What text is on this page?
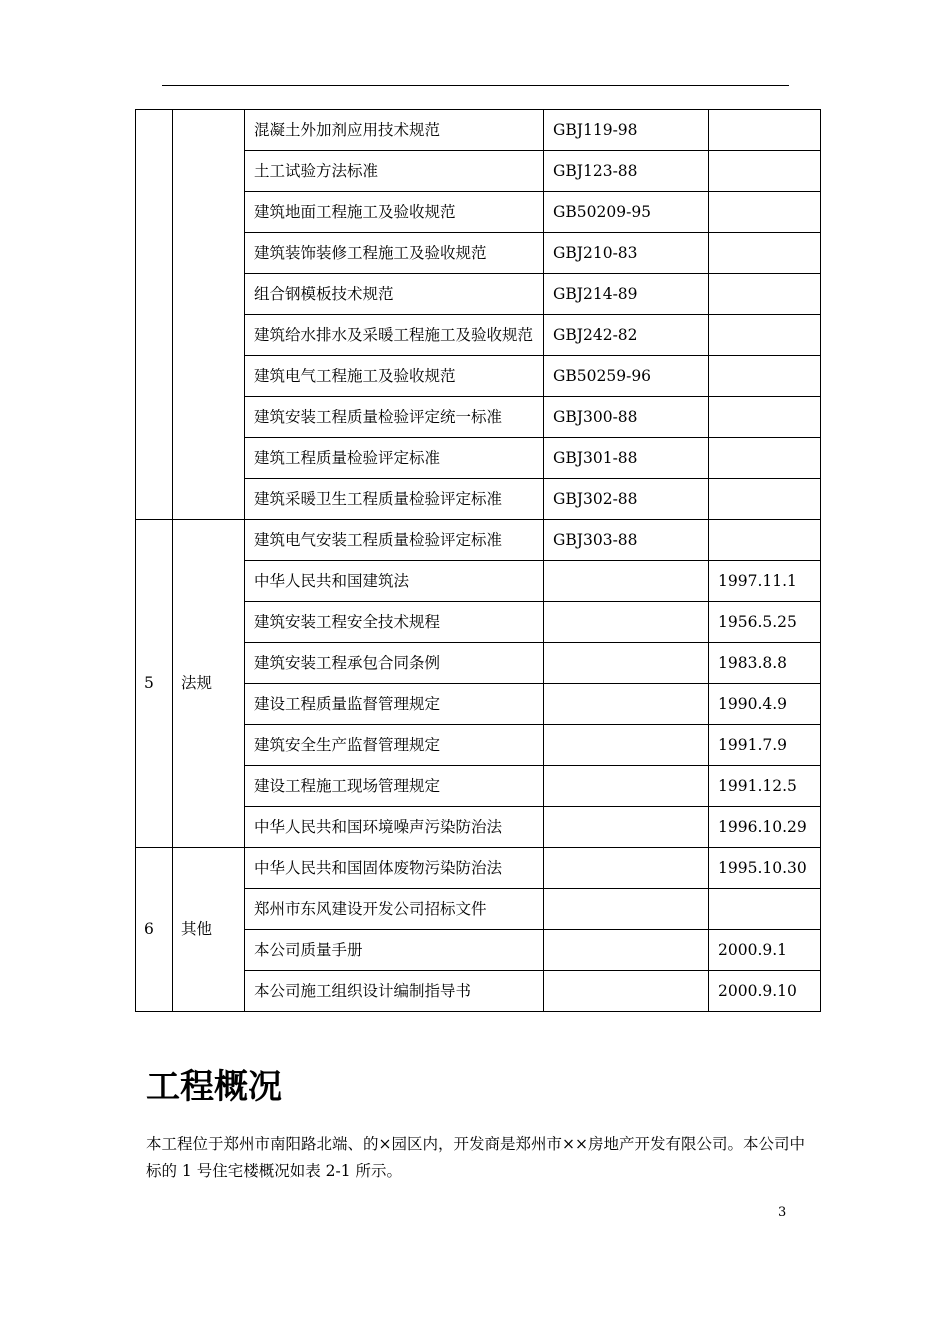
		混凝土外加剂应用技术规范	GBJ119-98	
		土工试验方法标准	GBJ123-88	
		建筑地面工程施工及验收规范	GB50209-95	
		建筑装饰装修工程施工及验收规范	GBJ210-83	
		组合钢模板技术规范	GBJ214-89	
		建筑给水排水及采暖工程施工及验收规范	GBJ242-82	
		建筑电气工程施工及验收规范	GB50259-96	
		建筑安装工程质量检验评定统一标准	GBJ300-88	
		建筑工程质量检验评定标准	GBJ301-88	
		建筑采暖卫生工程质量检验评定标准	GBJ302-88	
5	法规	建筑电气安装工程质量检验评定标准	GBJ303-88	
		中华人民共和国建筑法		1997.11.1
		建筑安装工程安全技术规程		1956.5.25
		建筑安装工程承包合同条例		1983.8.8
		建设工程质量监督管理规定		1990.4.9
		建筑安全生产监督管理规定		1991.7.9
		建设工程施工现场管理规定		1991.12.5
		中华人民共和国环境噪声污染防治法		1996.10.29
6	其他	中华人民共和国固体废物污染防治法		1995.10.30
		郑州市东风建设开发公司招标文件		
		本公司质量手册		2000.9.1
		本公司施工组织设计编制指导书		2000.9.10
工程概况

本工程位于郑州市南阳路北端、的×园区内，开发商是郑州市××房地产开发有限公司。本公司中标的 1 号住宅楼概况如表 2-1 所示。

3
